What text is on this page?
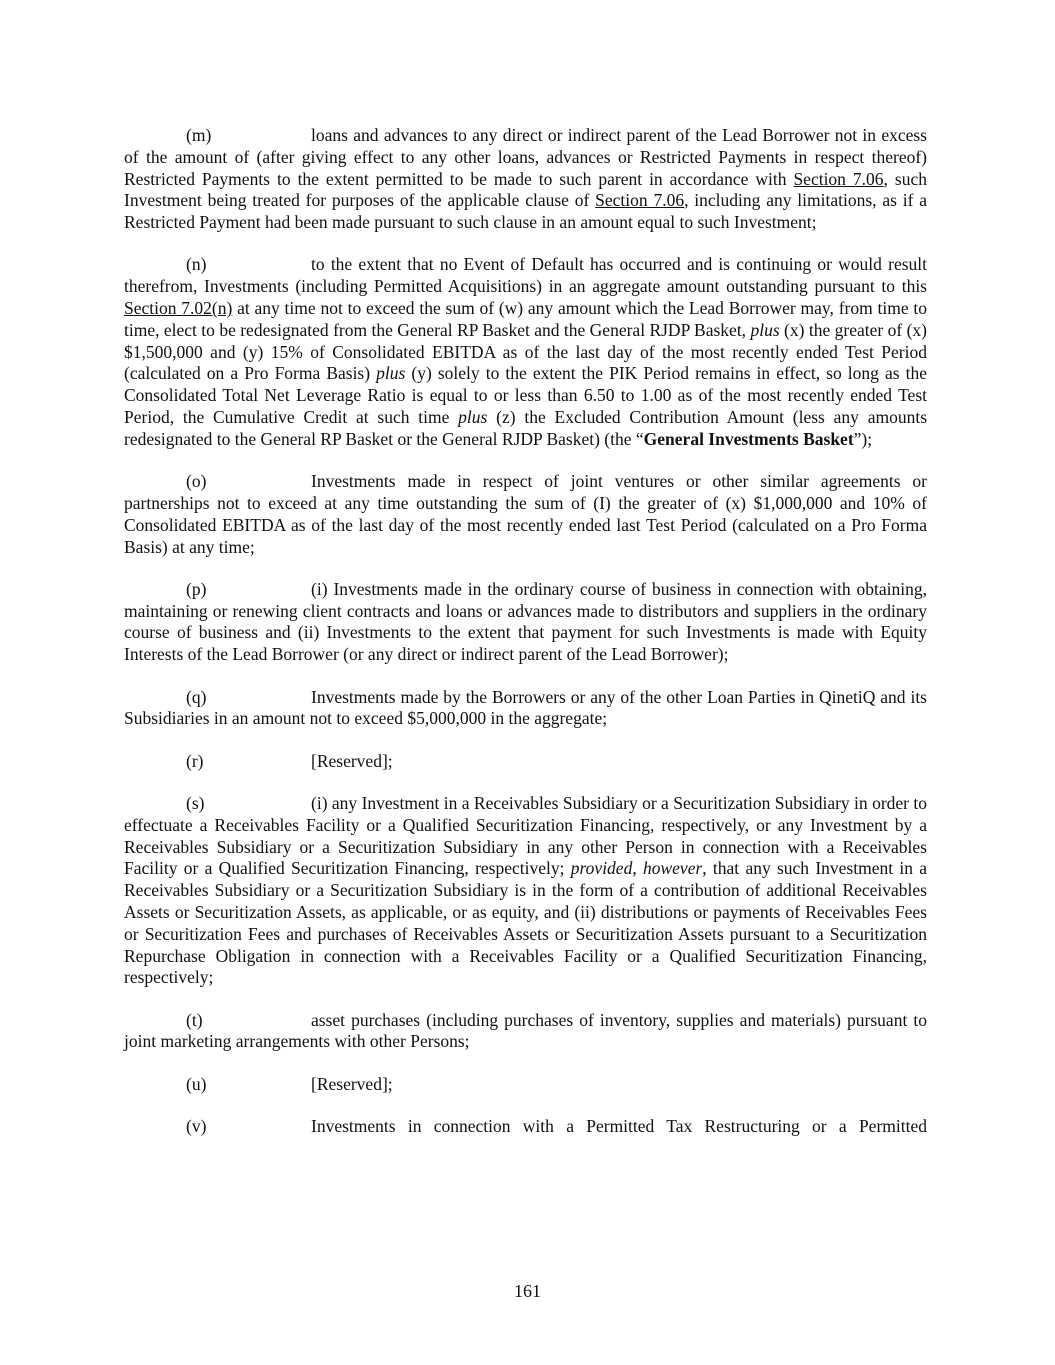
(m)	loans and advances to any direct or indirect parent of the Lead Borrower not in excess of the amount of (after giving effect to any other loans, advances or Restricted Payments in respect thereof) Restricted Payments to the extent permitted to be made to such parent in accordance with Section 7.06, such Investment being treated for purposes of the applicable clause of Section 7.06, including any limitations, as if a Restricted Payment had been made pursuant to such clause in an amount equal to such Investment;

(n)	to the extent that no Event of Default has occurred and is continuing or would result therefrom, Investments (including Permitted Acquisitions) in an aggregate amount outstanding pursuant to this Section 7.02(n) at any time not to exceed the sum of (w) any amount which the Lead Borrower may, from time to time, elect to be redesignated from the General RP Basket and the General RJDP Basket, plus (x) the greater of (x) $1,500,000 and (y) 15% of Consolidated EBITDA as of the last day of the most recently ended Test Period (calculated on a Pro Forma Basis) plus (y) solely to the extent the PIK Period remains in effect, so long as the Consolidated Total Net Leverage Ratio is equal to or less than 6.50 to 1.00 as of the most recently ended Test Period, the Cumulative Credit at such time plus (z) the Excluded Contribution Amount (less any amounts redesignated to the General RP Basket or the General RJDP Basket) (the “General Investments Basket”);

(o)	Investments made in respect of joint ventures or other similar agreements or partnerships not to exceed at any time outstanding the sum of (I) the greater of (x) $1,000,000 and 10% of Consolidated EBITDA as of the last day of the most recently ended last Test Period (calculated on a Pro Forma Basis) at any time;

(p)	(i) Investments made in the ordinary course of business in connection with obtaining, maintaining or renewing client contracts and loans or advances made to distributors and suppliers in the ordinary course of business and (ii) Investments to the extent that payment for such Investments is made with Equity Interests of the Lead Borrower (or any direct or indirect parent of the Lead Borrower);

(q)	Investments made by the Borrowers or any of the other Loan Parties in QinetiQ and its Subsidiaries in an amount not to exceed $5,000,000 in the aggregate;

(r)	[Reserved];

(s)	(i) any Investment in a Receivables Subsidiary or a Securitization Subsidiary in order to effectuate a Receivables Facility or a Qualified Securitization Financing, respectively, or any Investment by a Receivables Subsidiary or a Securitization Subsidiary in any other Person in connection with a Receivables Facility or a Qualified Securitization Financing, respectively; provided, however, that any such Investment in a Receivables Subsidiary or a Securitization Subsidiary is in the form of a contribution of additional Receivables Assets or Securitization Assets, as applicable, or as equity, and (ii) distributions or payments of Receivables Fees or Securitization Fees and purchases of Receivables Assets or Securitization Assets pursuant to a Securitization Repurchase Obligation in connection with a Receivables Facility or a Qualified Securitization Financing, respectively;

(t)	asset purchases (including purchases of inventory, supplies and materials) pursuant to joint marketing arrangements with other Persons;

(u)	[Reserved];

(v)	Investments in connection with a Permitted Tax Restructuring or a Permitted

161
